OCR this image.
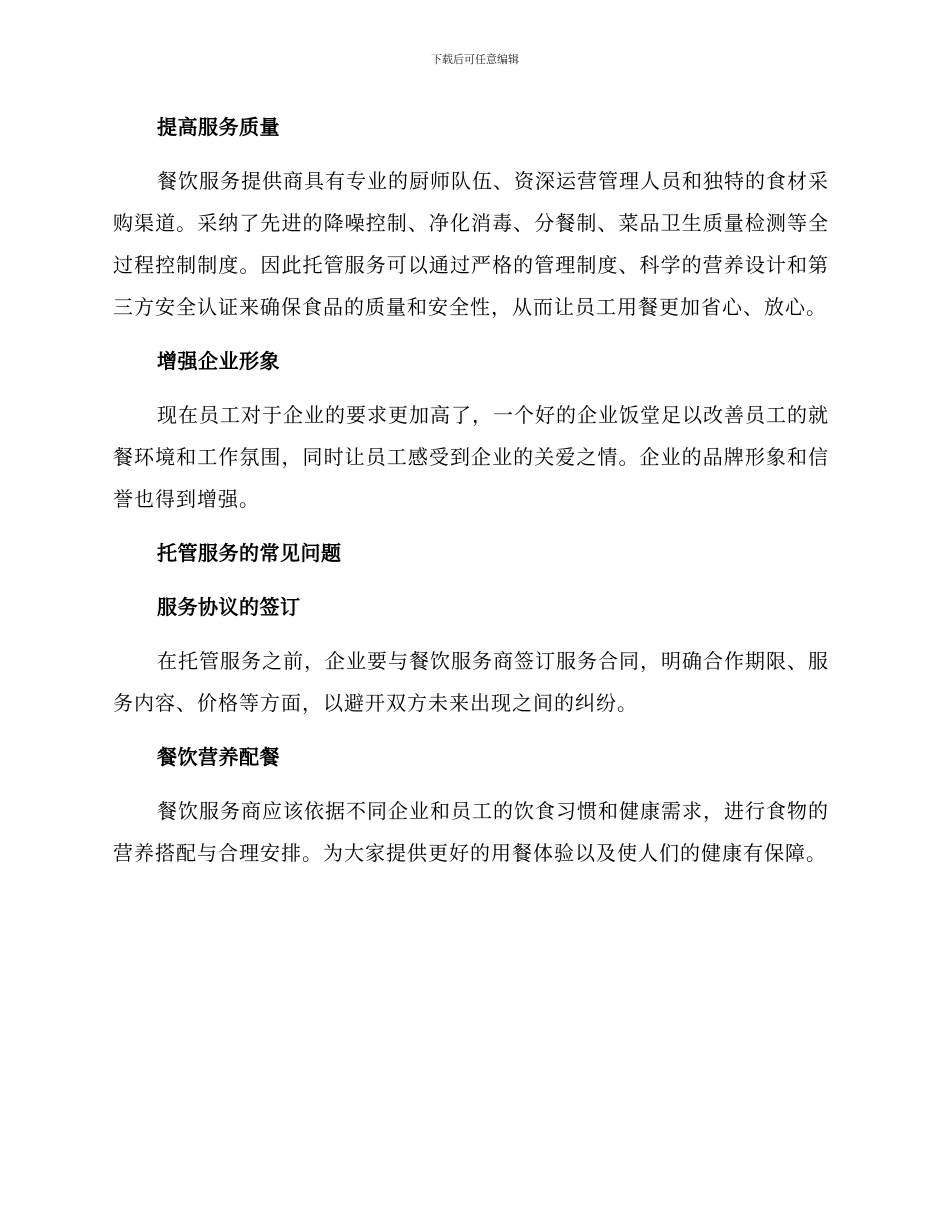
下载后可任意编辑
提高服务质量

餐饮服务提供商具有专业的厨师队伍、资深运营管理人员和独特的食材采购渠道。采纳了先进的降噪控制、净化消毒、分餐制、菜品卫生质量检测等全过程控制制度。因此托管服务可以通过严格的管理制度、科学的营养设计和第三方安全认证来确保食品的质量和安全性，从而让员工用餐更加省心、放心。

增强企业形象

现在员工对于企业的要求更加高了，一个好的企业饭堂足以改善员工的就餐环境和工作氛围，同时让员工感受到企业的关爱之情。企业的品牌形象和信誉也得到增强。

托管服务的常见问题
服务协议的签订

在托管服务之前，企业要与餐饮服务商签订服务合同，明确合作期限、服务内容、价格等方面，以避开双方未来出现之间的纠纷。

餐饮营养配餐

餐饮服务商应该依据不同企业和员工的饮食习惯和健康需求，进行食物的营养搭配与合理安排。为大家提供更好的用餐体验以及使人们的健康有保障。
